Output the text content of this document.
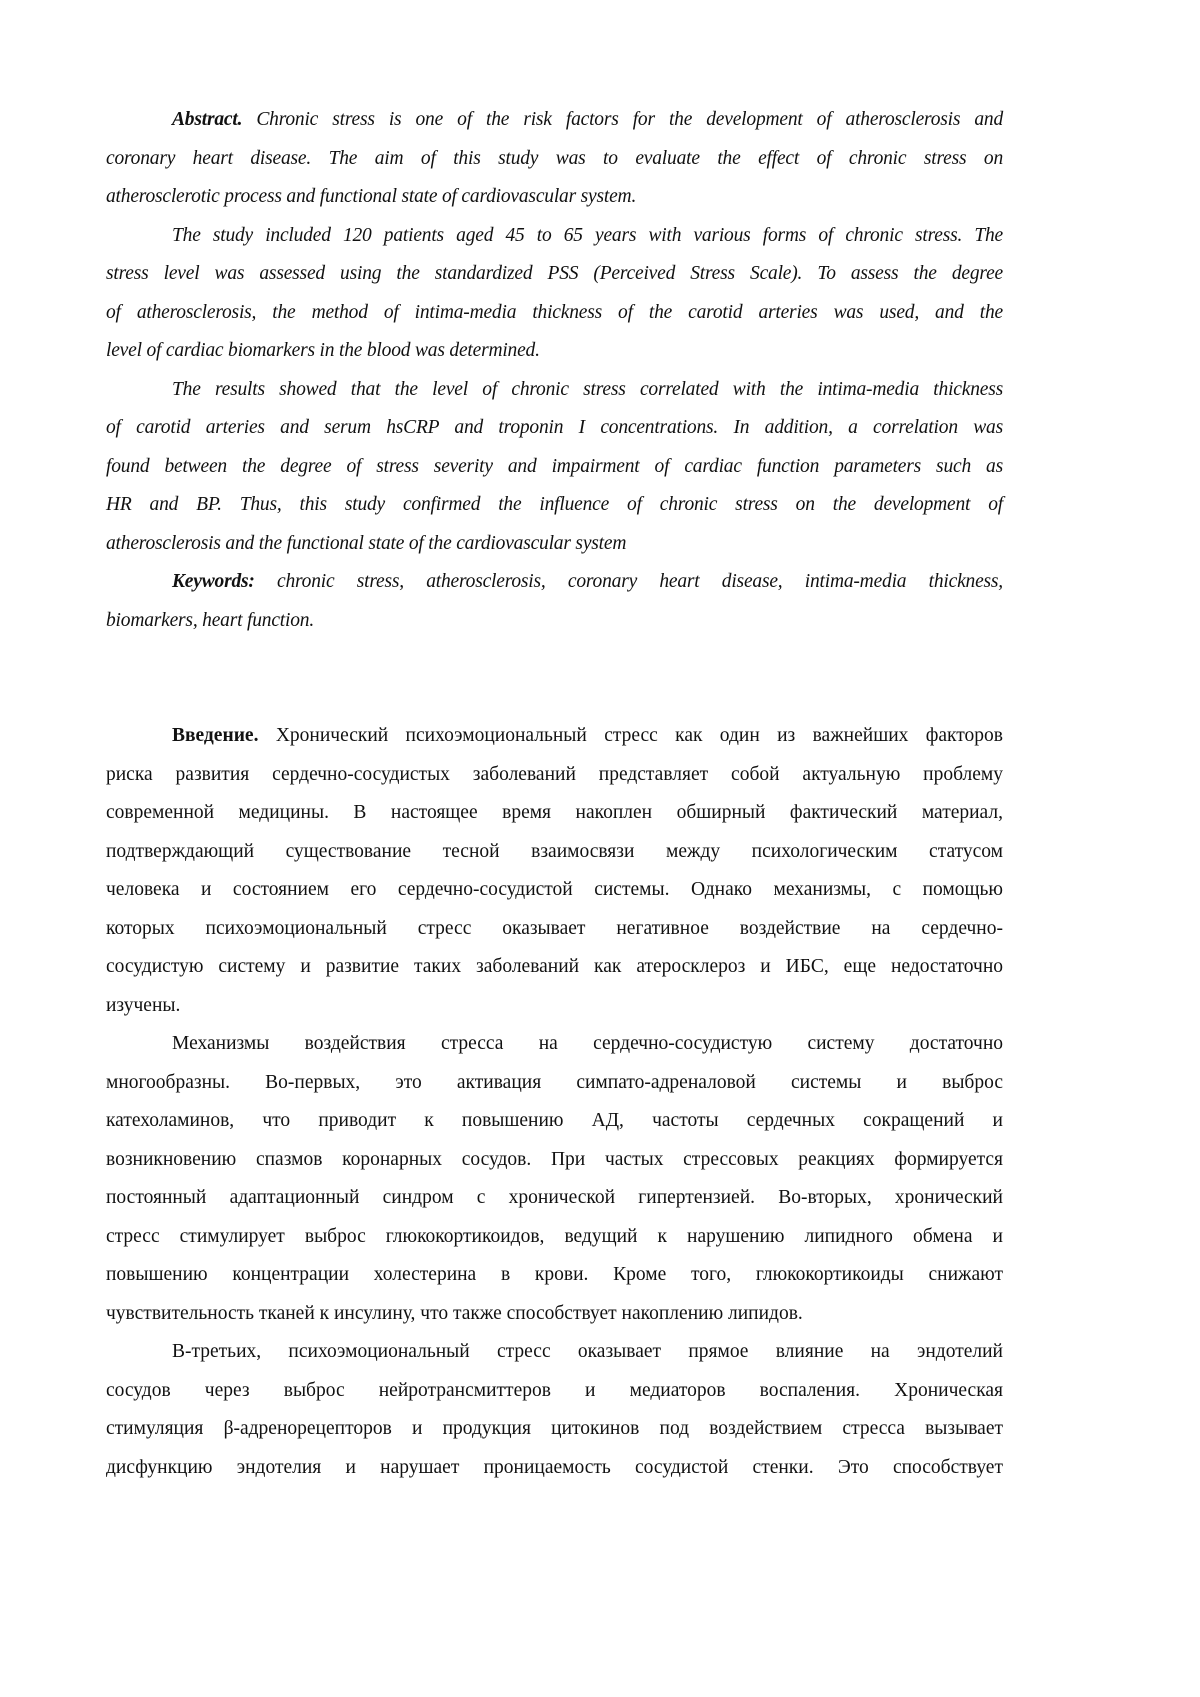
Abstract. Chronic stress is one of the risk factors for the development of atherosclerosis and
coronary heart disease. The aim of this study was to evaluate the effect of chronic stress on
atherosclerotic process and functional state of cardiovascular system.
The study included 120 patients aged 45 to 65 years with various forms of chronic stress. The
stress level was assessed using the standardized PSS (Perceived Stress Scale). To assess the degree
of atherosclerosis, the method of intima-media thickness of the carotid arteries was used, and the
level of cardiac biomarkers in the blood was determined.
The results showed that the level of chronic stress correlated with the intima-media thickness
of carotid arteries and serum hsCRP and troponin I concentrations. In addition, a correlation was
found between the degree of stress severity and impairment of cardiac function parameters such as
HR and BP. Thus, this study confirmed the influence of chronic stress on the development of
atherosclerosis and the functional state of the cardiovascular system
Keywords: chronic stress, atherosclerosis, coronary heart disease, intima-media thickness,
biomarkers, heart function.
Введение. Хронический психоэмоциональный стресс как один из важнейших факторов
риска развития сердечно-сосудистых заболеваний представляет собой актуальную проблему
современной медицины. В настоящее время накоплен обширный фактический материал,
подтверждающий существование тесной взаимосвязи между психологическим статусом
человека и состоянием его сердечно-сосудистой системы. Однако механизмы, с помощью
которых психоэмоциональный стресс оказывает негативное воздействие на сердечно-
сосудистую систему и развитие таких заболеваний как атеросклероз и ИБС, еще недостаточно
изучены.
Механизмы воздействия стресса на сердечно-сосудистую систему достаточно
многообразны. Во-первых, это активация симпато-адреналовой системы и выброс
катехоламинов, что приводит к повышению АД, частоты сердечных сокращений и
возникновению спазмов коронарных сосудов. При частых стрессовых реакциях формируется
постоянный адаптационный синдром с хронической гипертензией. Во-вторых, хронический
стресс стимулирует выброс глюкокортикоидов, ведущий к нарушению липидного обмена и
повышению концентрации холестерина в крови. Кроме того, глюкокортикоиды снижают
чувствительность тканей к инсулину, что также способствует накоплению липидов.
В-третьих, психоэмоциональный стресс оказывает прямое влияние на эндотелий
сосудов через выброс нейротрансмиттеров и медиаторов воспаления. Хроническая
стимуляция β-адренорецепторов и продукция цитокинов под воздействием стресса вызывает
дисфункцию эндотелия и нарушает проницаемость сосудистой стенки. Это способствует
